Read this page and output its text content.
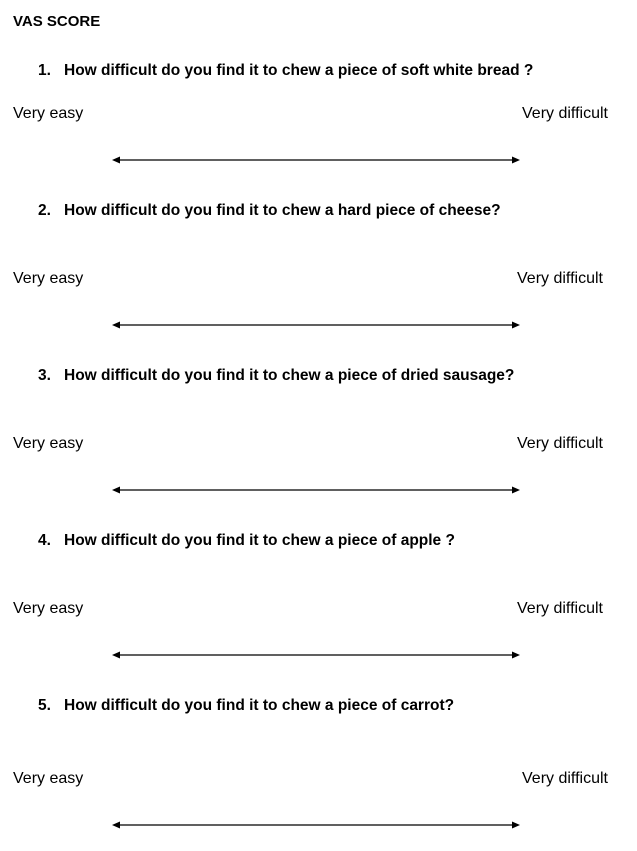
VAS SCORE
1. How difficult do you find it to chew a piece of soft white bread ?
Very easy	Very difficult
2. How difficult do you find it to chew a hard piece of cheese?
Very easy	Very difficult
3. How difficult do you find it to chew a piece of dried sausage?
Very easy	Very difficult
4. How difficult do you find it to chew a piece of apple ?
Very easy	Very difficult
5. How difficult do you find it to chew a piece of carrot?
Very easy	Very difficult
